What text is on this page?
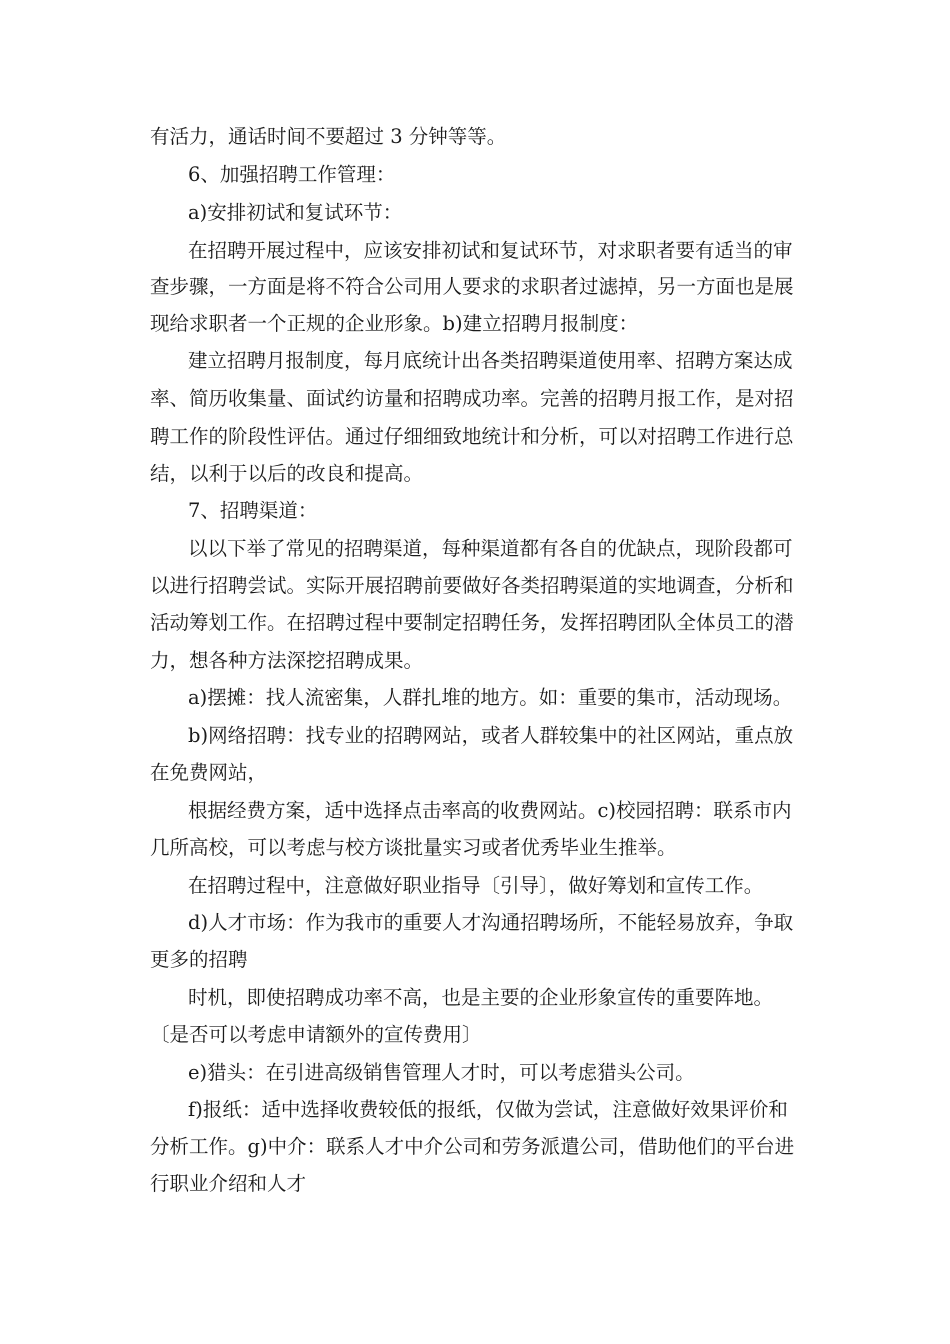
有活力，通话时间不要超过 3 分钟等等。

6、加强招聘工作管理：

a)安排初试和复试环节：

在招聘开展过程中，应该安排初试和复试环节，对求职者要有适当的审

查步骤，一方面是将不符合公司用人要求的求职者过滤掉，另一方面也是展

现给求职者一个正规的企业形象。b)建立招聘月报制度：

建立招聘月报制度，每月底统计出各类招聘渠道使用率、招聘方案达成

率、简历收集量、面试约访量和招聘成功率。完善的招聘月报工作，是对招

聘工作的阶段性评估。通过仔细细致地统计和分析，可以对招聘工作进行总

结，以利于以后的改良和提高。

7、招聘渠道：

以以下举了常见的招聘渠道，每种渠道都有各自的优缺点，现阶段都可

以进行招聘尝试。实际开展招聘前要做好各类招聘渠道的实地调查，分析和

活动筹划工作。在招聘过程中要制定招聘任务，发挥招聘团队全体员工的潜

力，想各种方法深挖招聘成果。

a)摆摊：找人流密集，人群扎堆的地方。如：重要的集市，活动现场。

b)网络招聘：找专业的招聘网站，或者人群较集中的社区网站，重点放

在免费网站，

根据经费方案，适中选择点击率高的收费网站。c)校园招聘：联系市内

几所高校，可以考虑与校方谈批量实习或者优秀毕业生推举。

在招聘过程中，注意做好职业指导〔引导〕，做好筹划和宣传工作。

d)人才市场：作为我市的重要人才沟通招聘场所，不能轻易放弃，争取

更多的招聘

时机，即使招聘成功率不高，也是主要的企业形象宣传的重要阵地。

〔是否可以考虑申请额外的宣传费用〕

e)猎头：在引进高级销售管理人才时，可以考虑猎头公司。

f)报纸：适中选择收费较低的报纸，仅做为尝试，注意做好效果评价和

分析工作。g)中介：联系人才中介公司和劳务派遣公司，借助他们的平台进

行职业介绍和人才
